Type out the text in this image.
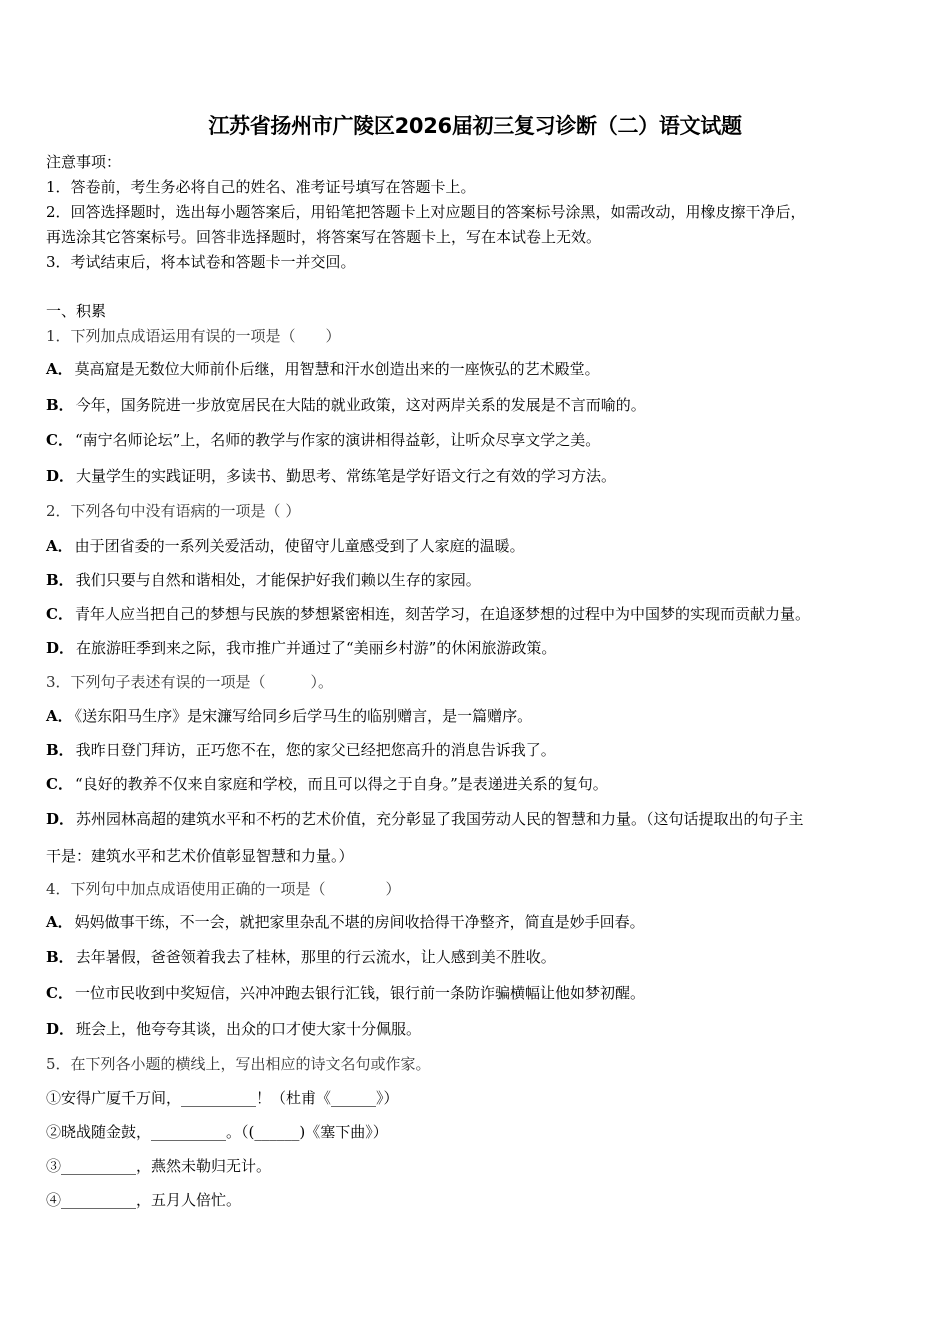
江苏省扬州市广陵区2026届初三复习诊断（二）语文试题
注意事项：
1．答卷前，考生务必将自己的姓名、准考证号填写在答题卡上。
2．回答选择题时，选出每小题答案后，用铅笔把答题卡上对应题目的答案标号涂黑，如需改动，用橡皮擦干净后，
再选涂其它答案标号。回答非选择题时，将答案写在答题卡上，写在本试卷上无效。
3．考试结束后，将本试卷和答题卡一并交回。
一、积累
1．下列加点成语运用有误的一项是（　　）
A． 莫高窟是无数位大师前仆后继，用智慧和汗水创造出来的一座恢弘的艺术殿堂。
B． 今年，国务院进一步放宽居民在大陆的就业政策，这对两岸关系的发展是不言而喻的。
C． “南宁名师论坛”上，名师的教学与作家的演讲相得益彰，让听众尽享文学之美。
D． 大量学生的实践证明，多读书、勤思考、常练笔是学好语文行之有效的学习方法。
2．下列各句中没有语病的一项是（ ）
A． 由于团省委的一系列关爱活动，使留守儿童感受到了人家庭的温暖。
B． 我们只要与自然和谐相处，才能保护好我们赖以生存的家园。
C． 青年人应当把自己的梦想与民族的梦想紧密相连，刻苦学习，在追逐梦想的过程中为中国梦的实现而贡献力量。
D． 在旅游旺季到来之际，我市推广并通过了“美丽乡村游”的休闲旅游政策。
3．下列句子表述有误的一项是（　　　）。
A． 《送东阳马生序》是宋濂写给同乡后学马生的临别赠言，是一篇赠序。
B． 我昨日登门拜访，正巧您不在，您的家父已经把您高升的消息告诉我了。
C． “良好的教养不仅来自家庭和学校，而且可以得之于自身。”是表递进关系的复句。
D． 苏州园林高超的建筑水平和不朽的艺术价值，充分彰显了我国劳动人民的智慧和力量。（这句话提取出的句子主
干是：建筑水平和艺术价值彰显智慧和力量。）
4．下列句中加点成语使用正确的一项是（　　　　）
A． 妈妈做事干练，不一会，就把家里杂乱不堪的房间收拾得干净整齐，简直是妙手回春。
B． 去年暑假，爸爸领着我去了桂林，那里的行云流水，让人感到美不胜收。
C． 一位市民收到中奖短信，兴冲冲跑去银行汇钱，银行前一条防诈骗横幅让他如梦初醒。
D． 班会上，他夸夸其谈，出众的口才使大家十分佩服。
5．在下列各小题的横线上，写出相应的诗文名句或作家。
①安得广厦千万间，__________！（杜甫《______》）
②晓战随金鼓，__________。（(______)《塞下曲》）
③__________，燕然未勒归无计。
④__________，五月人倍忙。
